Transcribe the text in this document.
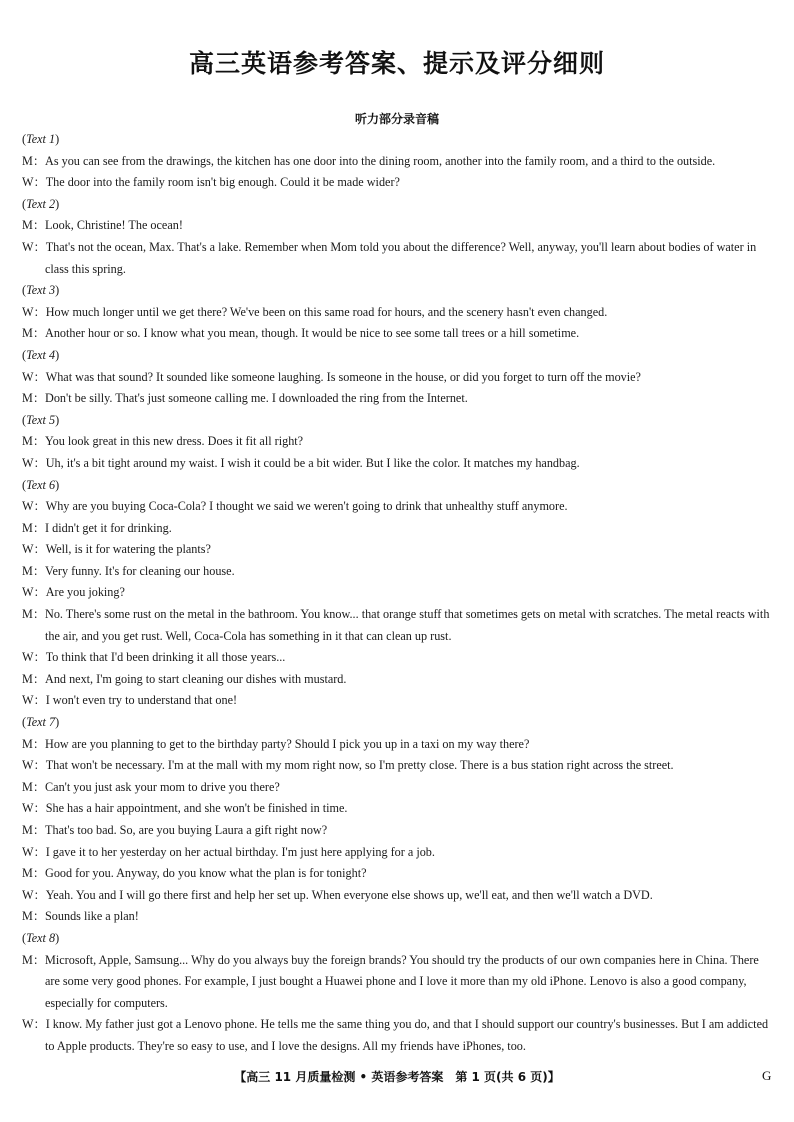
高三英语参考答案、提示及评分细则
听力部分录音稿
(Text 1)
M：As you can see from the drawings, the kitchen has one door into the dining room, another into the family room, and a third to the outside.
W：The door into the family room isn't big enough. Could it be made wider?
(Text 2)
M：Look, Christine! The ocean!
W：That's not the ocean, Max. That's a lake. Remember when Mom told you about the difference? Well, anyway, you'll learn about bodies of water in class this spring.
(Text 3)
W：How much longer until we get there? We've been on this same road for hours, and the scenery hasn't even changed.
M：Another hour or so. I know what you mean, though. It would be nice to see some tall trees or a hill sometime.
(Text 4)
W：What was that sound? It sounded like someone laughing. Is someone in the house, or did you forget to turn off the movie?
M：Don't be silly. That's just someone calling me. I downloaded the ring from the Internet.
(Text 5)
M：You look great in this new dress. Does it fit all right?
W：Uh, it's a bit tight around my waist. I wish it could be a bit wider. But I like the color. It matches my handbag.
(Text 6)
W：Why are you buying Coca-Cola? I thought we said we weren't going to drink that unhealthy stuff anymore.
M：I didn't get it for drinking.
W：Well, is it for watering the plants?
M：Very funny. It's for cleaning our house.
W：Are you joking?
M：No. There's some rust on the metal in the bathroom. You know... that orange stuff that sometimes gets on metal with scratches. The metal reacts with the air, and you get rust. Well, Coca-Cola has something in it that can clean up rust.
W：To think that I'd been drinking it all those years...
M：And next, I'm going to start cleaning our dishes with mustard.
W：I won't even try to understand that one!
(Text 7)
M：How are you planning to get to the birthday party? Should I pick you up in a taxi on my way there?
W：That won't be necessary. I'm at the mall with my mom right now, so I'm pretty close. There is a bus station right across the street.
M：Can't you just ask your mom to drive you there?
W：She has a hair appointment, and she won't be finished in time.
M：That's too bad. So, are you buying Laura a gift right now?
W：I gave it to her yesterday on her actual birthday. I'm just here applying for a job.
M：Good for you. Anyway, do you know what the plan is for tonight?
W：Yeah. You and I will go there first and help her set up. When everyone else shows up, we'll eat, and then we'll watch a DVD.
M：Sounds like a plan!
(Text 8)
M：Microsoft, Apple, Samsung... Why do you always buy the foreign brands? You should try the products of our own companies here in China. There are some very good phones. For example, I just bought a Huawei phone and I love it more than my old iPhone. Lenovo is also a good company, especially for computers.
W：I know. My father just got a Lenovo phone. He tells me the same thing you do, and that I should support our country's businesses. But I am addicted to Apple products. They're so easy to use, and I love the designs. All my friends have iPhones, too.
【高三 11 月质量检测 • 英语参考答案　第 1 页(共 6 页)】	G
